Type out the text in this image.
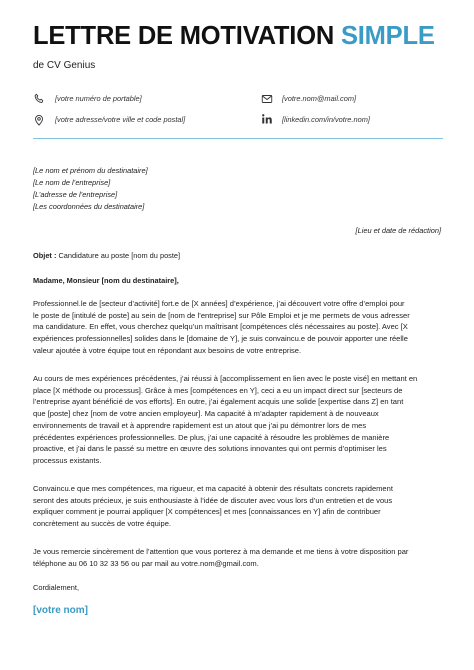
LETTRE DE MOTIVATION SIMPLE
de CV Genius
[votre numéro de portable]	[votre.nom@mail.com]
[votre adresse/votre ville et code postal]	[linkedin.com/in/votre.nom]
[Le nom et prénom du destinataire]
[Le nom de l’entreprise]
[L’adresse de l’entreprise]
[Les coordonnées du destinataire]
[Lieu et date de rédaction]
Objet : Candidature au poste [nom du poste]
Madame, Monsieur [nom du destinataire],
Professionnel.le de [secteur d’activité] fort.e de [X années] d’expérience, j’ai découvert votre offre d’emploi pour
le poste de [intitulé de poste] au sein de [nom de l’entreprise] sur Pôle Emploi et je me permets de vous adresser
ma candidature. En effet, vous cherchez quelqu’un maîtrisant [compétences clés nécessaires au poste]. Avec [X
expériences professionnelles] solides dans le [domaine de Y], je suis convaincu.e de pouvoir apporter une réelle
valeur ajoutée à votre équipe tout en répondant aux besoins de votre entreprise.
Au cours de mes expériences précédentes, j’ai réussi à [accomplissement en lien avec le poste visé] en mettant en
place [X méthode ou processus]. Grâce à mes [compétences en Y], ceci a eu un impact direct sur [secteurs de
l’entreprise ayant bénéficié de vos efforts]. En outre, j’ai également acquis une solide [expertise dans Z] en tant
que [poste] chez [nom de votre ancien employeur]. Ma capacité à m’adapter rapidement à de nouveaux
environnements de travail et à apprendre rapidement est un atout que j’ai pu démontrer lors de mes
précédentes expériences professionnelles. De plus, j’ai une capacité à résoudre les problèmes de manière
proactive, et j’ai dans le passé su mettre en œuvre des solutions innovantes qui ont permis d’optimiser les
processus existants.
Convaincu.e que mes compétences, ma rigueur, et ma capacité à obtenir des résultats concrets rapidement
seront des atouts précieux, je suis enthousiaste à l’idée de discuter avec vous lors d’un entretien et de vous
expliquer comment je pourrai appliquer [X compétences] et mes [connaissances en Y] afin de contribuer
concrètement au succès de votre équipe.
Je vous remercie sincèrement de l’attention que vous porterez à ma demande et me tiens à votre disposition par
téléphone au 06 10 32 33 56 ou par mail au votre.nom@gmail.com.
Cordialement,
[votre nom]
